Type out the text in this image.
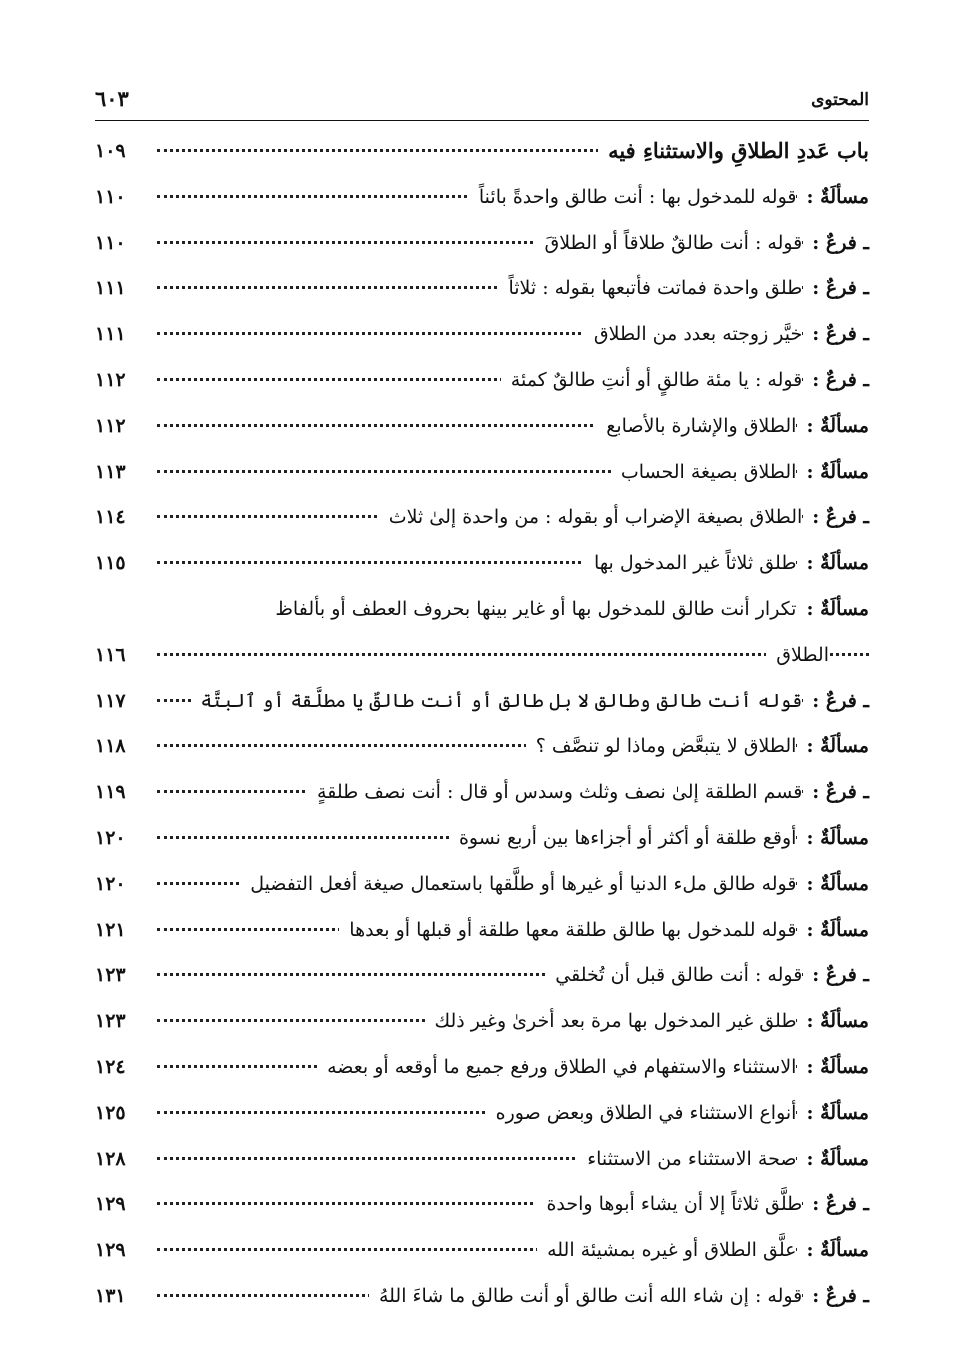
المحتوى
٦٠٣
باب عَددِ الطلاقِ والاستثناءِ فيه
١٠٩
مسألَةٌ :
قوله للمدخول بها : أنت طالق واحدةً بائناً
١١٠
ـ فرعٌ :
قوله : أنت طالقٌ طلاقاً أو الطلاقَ
١١٠
ـ فرعٌ :
طلق واحدة فماتت فأتبعها بقوله : ثلاثاً
١١١
ـ فرعٌ :
خيَّر زوجته بعدد من الطلاق
١١١
ـ فرعٌ :
قوله : يا مئة طالقٍ أو أنتِ طالقٌ كمئة
١١٢
مسألَةٌ :
الطلاق والإشارة بالأصابع
١١٢
مسألَةٌ :
الطلاق بصيغة الحساب
١١٣
ـ فرعٌ :
الطلاق بصيغة الإضراب أو بقوله : من واحدة إلىٰ ثلاث
١١٤
مسألَةٌ :
طلق ثلاثاً غير المدخول بها
١١٥
مسألَةٌ :
تكرار أنت طالق للمدخول بها أو غاير بينها بحروف العطف أو بألفاظ
الطلاق
١١٦
ـ فرعٌ :
قوله أنت طالق وطالق لا بل طالق أو أنت طالقٌ يا مطلَّقة أو ٱلبتَّة
١١٧
مسألَةٌ :
الطلاق لا يتبعَّض وماذا لو تنصَّف ؟
١١٨
ـ فرعٌ :
قسم الطلقة إلىٰ نصف وثلث وسدس أو قال : أنت نصف طلقةٍ
١١٩
مسألَةٌ :
أوقع طلقة أو أكثر أو أجزاءها بين أربع نسوة
١٢٠
مسألَةٌ :
قوله طالق ملء الدنيا أو غيرها أو طلَّقها باستعمال صيغة أفعل التفضيل
١٢٠
مسألَةٌ :
قوله للمدخول بها طالق طلقة معها طلقة أو قبلها أو بعدها
١٢١
ـ فرعٌ :
قوله : أنت طالق قبل أن تُخلقي
١٢٣
مسألَةٌ :
طلق غير المدخول بها مرة بعد أخرىٰ وغير ذلك
١٢٣
مسألَةٌ :
الاستثناء والاستفهام في الطلاق ورفع جميع ما أوقعه أو بعضه
١٢٤
مسألَةٌ :
أنواع الاستثناء في الطلاق وبعض صوره
١٢٥
مسألَةٌ :
صحة الاستثناء من الاستثناء
١٢٨
ـ فرعٌ :
طلَّق ثلاثاً إلا أن يشاء أبوها واحدة
١٢٩
مسألَةٌ :
علَّق الطلاق أو غيره بمشيئة الله
١٢٩
ـ فرعٌ :
قوله : إن شاء الله أنت طالق أو أنت طالق ما شاءَ اللهُ
١٣١
